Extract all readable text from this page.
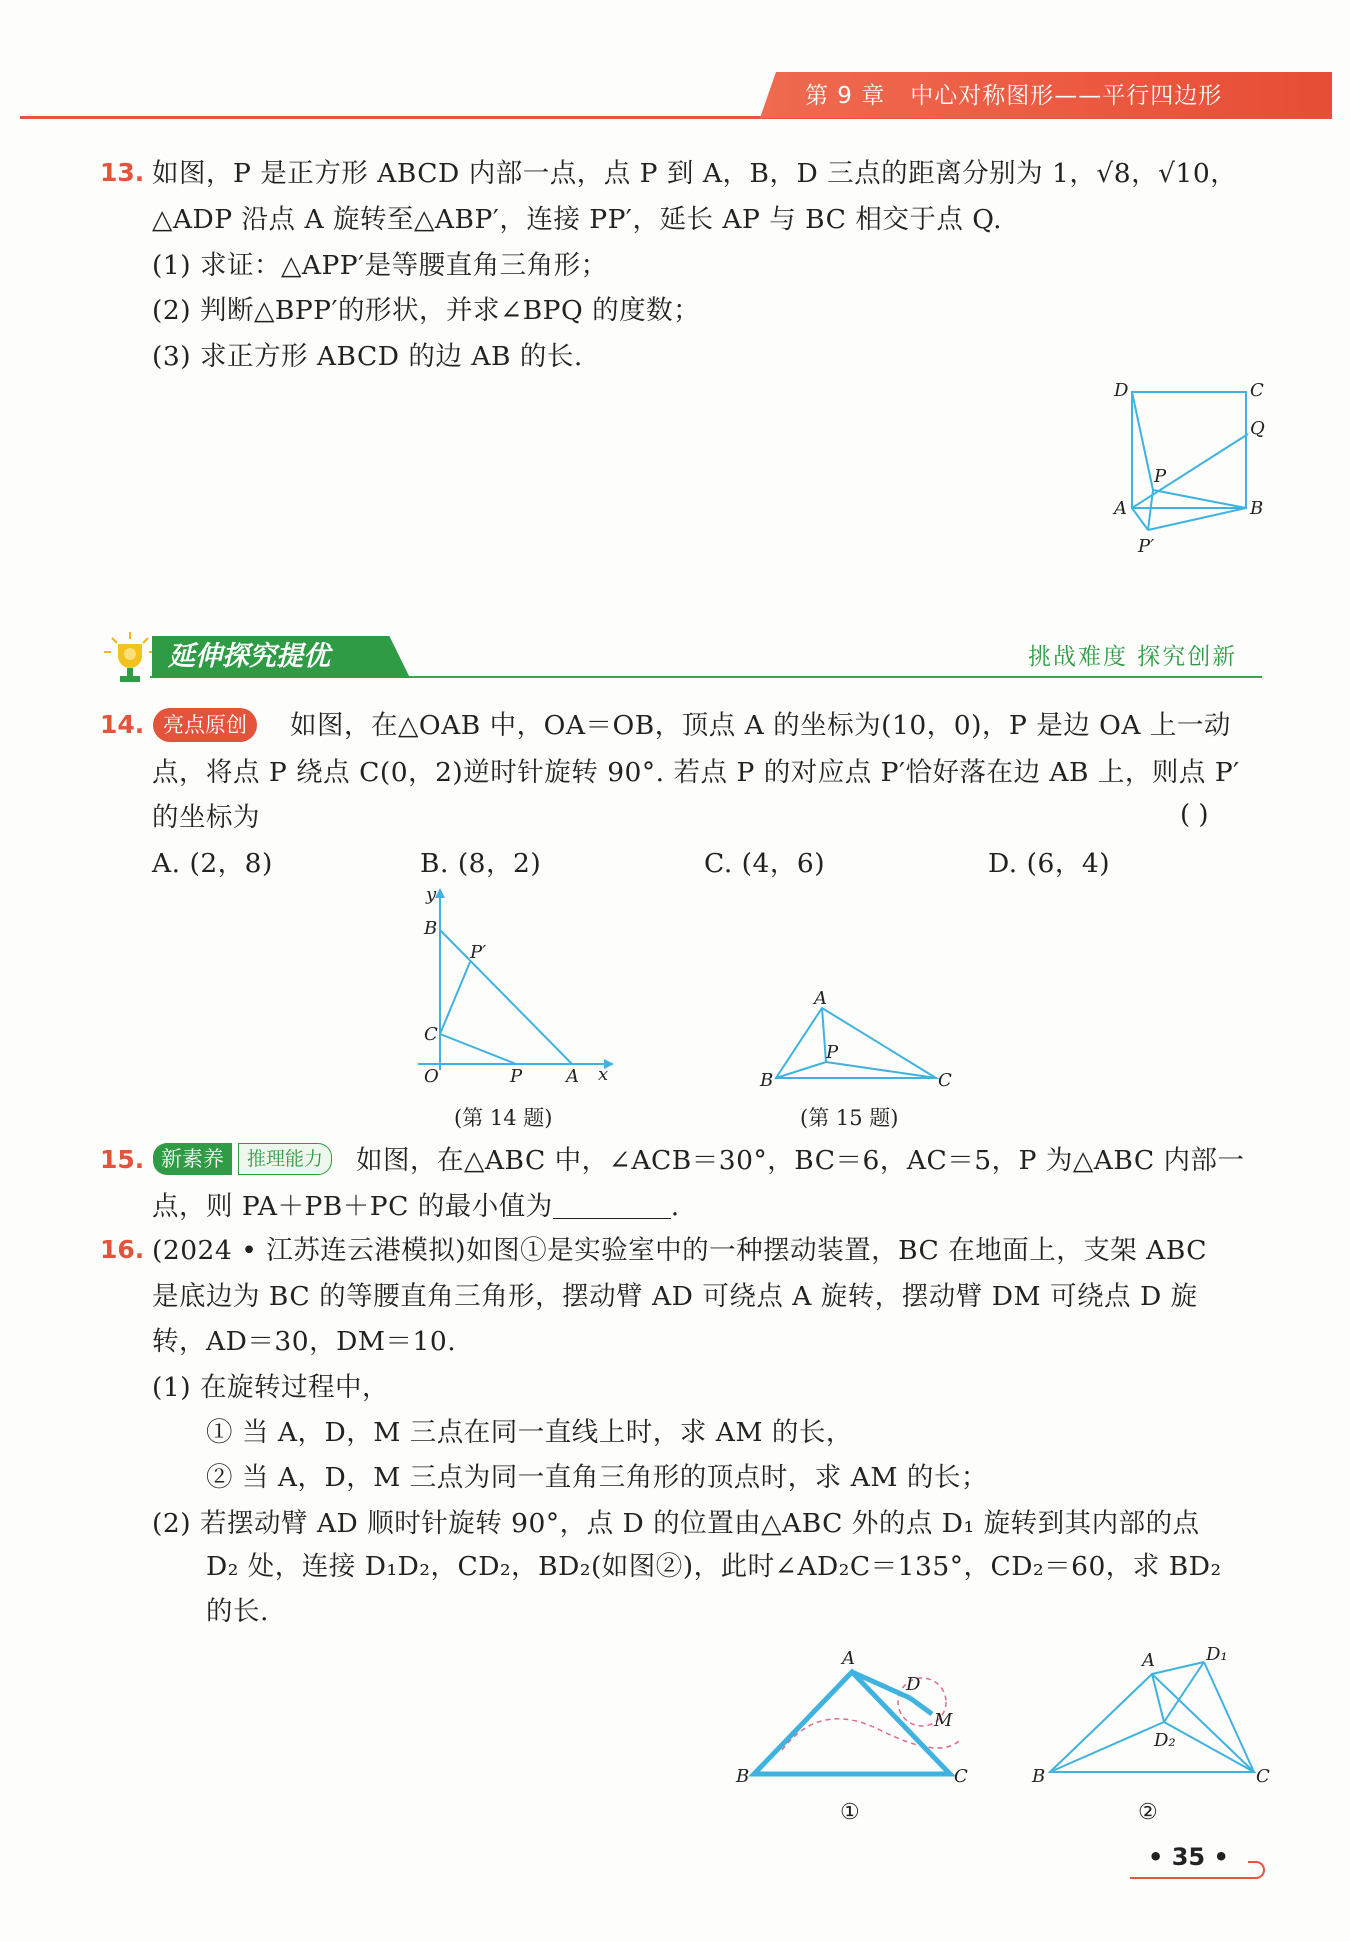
第 9 章 中心对称图形——平行四边形
13. 如图，P 是正方形 ABCD 内部一点，点 P 到 A，B，D 三点的距离分别为 1，√8，√10，
△ADP 沿点 A 旋转至△ABP′，连接 PP′，延长 AP 与 BC 相交于点 Q.
(1) 求证：△APP′是等腰直角三角形；
(2) 判断△BPP′的形状，并求∠BPQ 的度数；
(3) 求正方形 ABCD 的边 AB 的长.
D	C
Q
P
A	B
P′
延伸探究提优	挑战难度 探究创新
14. 亮点原创	如图，在△OAB 中，OA＝OB，顶点 A 的坐标为(10，0)，P 是边 OA 上一动
点，将点 P 绕点 C(0，2)逆时针旋转 90°. 若点 P 的对应点 P′恰好落在边 AB 上，则点 P′
的坐标为	( )
A. (2，8)	B. (8，2)	C. (4，6)	D. (6，4)
y
B
P′
C
O	P A x
(第 14 题)
A
P
B	C
(第 15 题)
15. 新素养	推理能力	如图，在△ABC 中，∠ACB＝30°，BC＝6，AC＝5，P 为△ABC 内部一
点，则 PA＋PB＋PC 的最小值为	.
16. (2024 • 江苏连云港模拟)如图①是实验室中的一种摆动装置，BC 在地面上，支架 ABC
是底边为 BC 的等腰直角三角形，摆动臂 AD 可绕点 A 旋转，摆动臂 DM 可绕点 D 旋
转，AD＝30，DM＝10.
(1) 在旋转过程中，
① 当 A，D，M 三点在同一直线上时，求 AM 的长，
② 当 A，D，M 三点为同一直角三角形的顶点时，求 AM 的长；
(2) 若摆动臂 AD 顺时针旋转 90°，点 D 的位置由△ABC 外的点 D₁ 旋转到其内部的点
D₂ 处，连接 D₁D₂，CD₂，BD₂(如图②)，此时∠AD₂C＝135°，CD₂＝60，求 BD₂
的长.
A
D
M
B	C
①
A	D₁
D₂
B	C
②
• 35 •
